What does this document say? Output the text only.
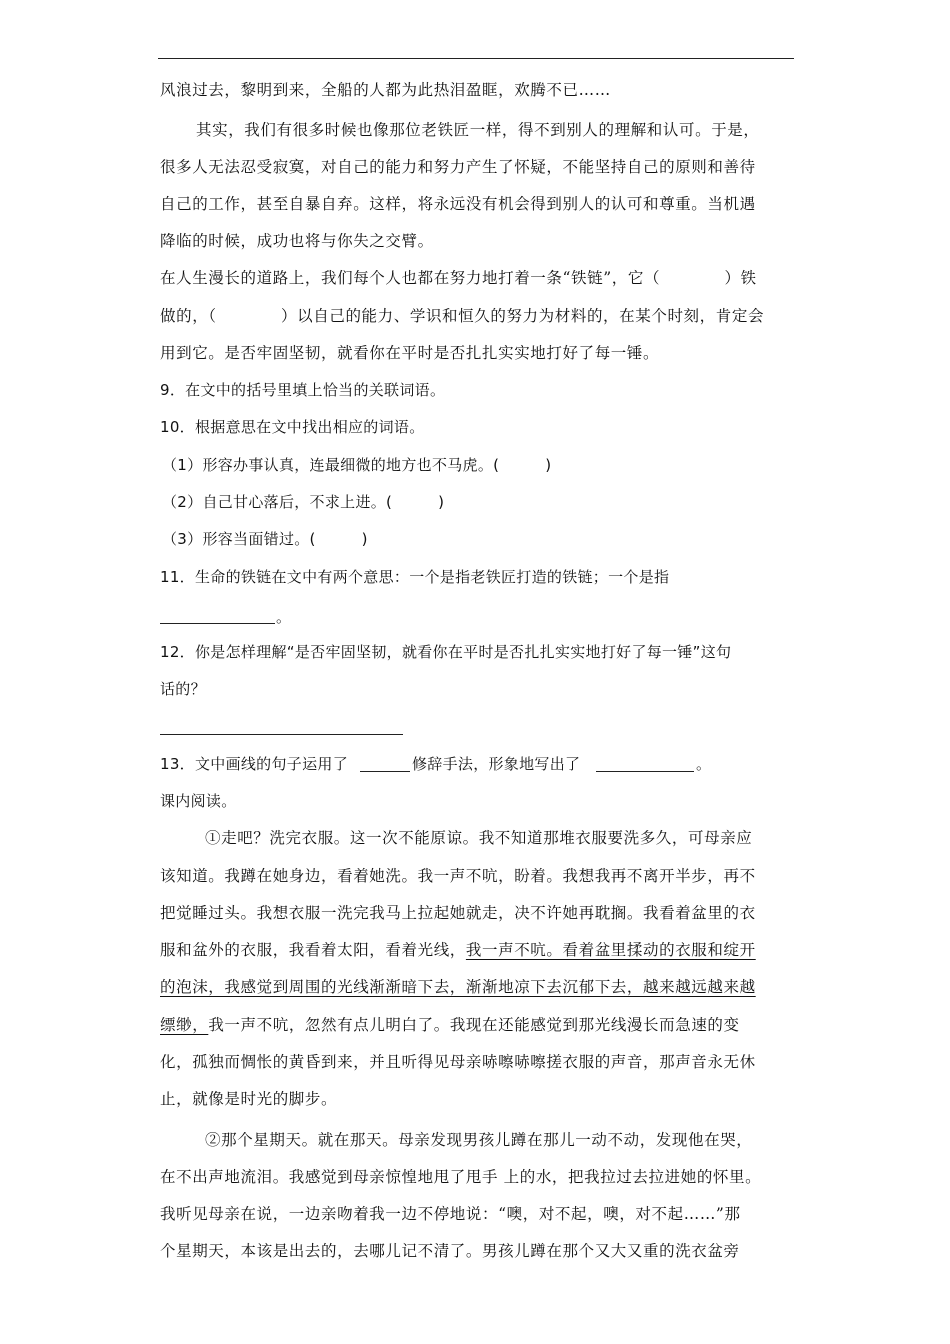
风浪过去，黎明到来，全船的人都为此热泪盈眶，欢腾不已……
其实，我们有很多时候也像那位老铁匠一样，得不到别人的理解和认可。于是，
很多人无法忍受寂寞，对自己的能力和努力产生了怀疑，不能坚持自己的原则和善待
自己的工作，甚至自暴自弃。这样，将永远没有机会得到别人的认可和尊重。当机遇
降临的时候，成功也将与你失之交臂。
在人生漫长的道路上，我们每个人也都在努力地打着一条“铁链”，它（　　　　）铁
做的，（　　　　）以自己的能力、学识和恒久的努力为材料的，在某个时刻，肯定会
用到它。是否牢固坚韧，就看你在平时是否扎扎实实地打好了每一锤。
9．在文中的括号里填上恰当的关联词语。
10．根据意思在文中找出相应的词语。
（1）形容办事认真，连最细微的地方也不马虎。(　　　)
（2）自己甘心落后，不求上进。(　　　)
（3）形容当面错过。(　　　)
11．生命的铁链在文中有两个意思：一个是指老铁匠打造的铁链；一个是指
。
12．你是怎样理解“是否牢固坚韧，就看你在平时是否扎扎实实地打好了每一锤”这句
话的？
13．文中画线的句子运用了	修辞手法，形象地写出了	。
课内阅读。
①走吧？洗完衣服。这一次不能原谅。我不知道那堆衣服要洗多久，可母亲应
该知道。我蹲在她身边，看着她洗。我一声不吭，盼着。我想我再不离开半步，再不
把觉睡过头。我想衣服一洗完我马上拉起她就走，决不许她再耽搁。我看着盆里的衣
服和盆外的衣服，我看着太阳，看着光线，我一声不吭。看着盆里揉动的衣服和绽开
的泡沫，我感觉到周围的光线渐渐暗下去，渐渐地凉下去沉郁下去，越来越远越来越
缥缈，我一声不吭，忽然有点儿明白了。我现在还能感觉到那光线漫长而急速的变
化，孤独而惆怅的黄昏到来，并且听得见母亲哧嚓哧嚓搓衣服的声音，那声音永无休
止，就像是时光的脚步。
②那个星期天。就在那天。母亲发现男孩儿蹲在那儿一动不动，发现他在哭，
在不出声地流泪。我感觉到母亲惊惶地甩了甩手 上的水，把我拉过去拉进她的怀里。
我听见母亲在说，一边亲吻着我一边不停地说：“噢，对不起，噢，对不起……”那
个星期天，本该是出去的，去哪儿记不清了。男孩儿蹲在那个又大又重的洗衣盆旁
